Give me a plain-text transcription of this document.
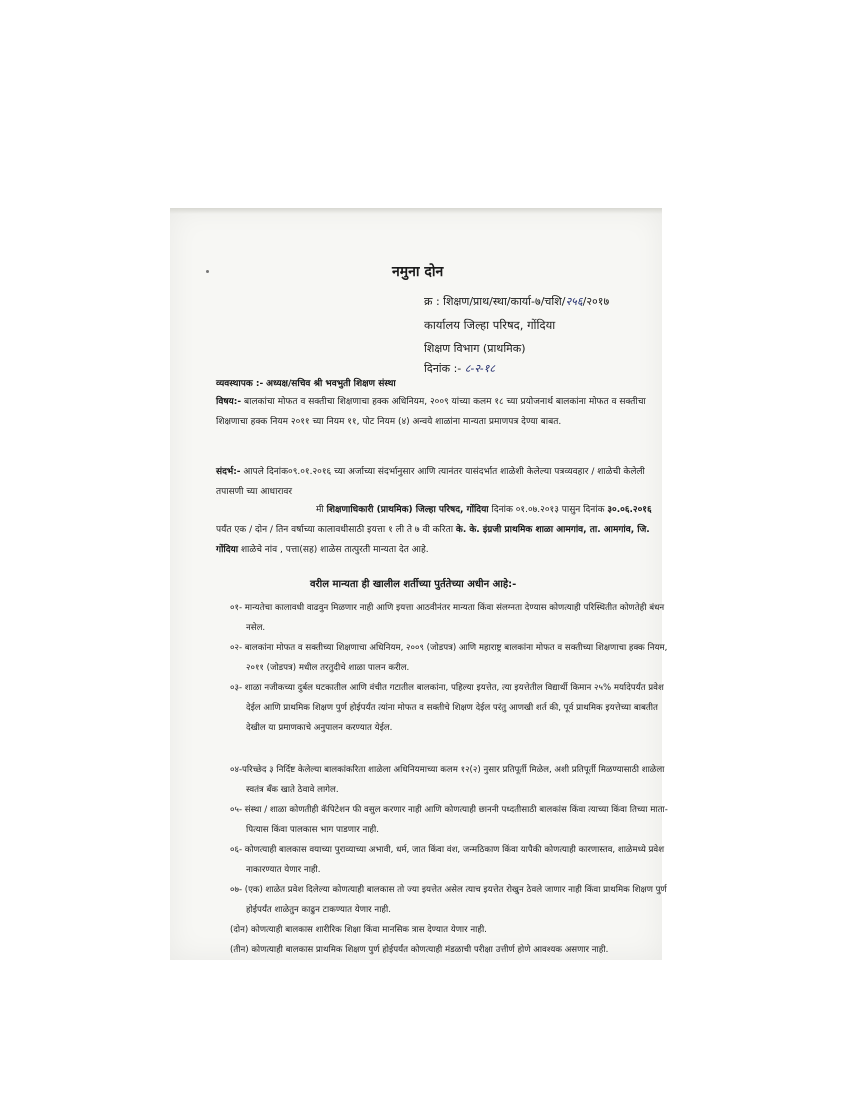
नमुना दोन
क्र : शिक्षण/प्राथ/स्था/कार्या-७/चशि/२५६/२०१७
कार्यालय जिल्हा परिषद, गोंदिया
शिक्षण विभाग (प्राथमिक)
दिनांक :- ८-२-१८
व्यवस्थापक :- अध्यक्ष/सचिव श्री भवभुती शिक्षण संस्था
विषय:- बालकांचा मोफत व सक्तीचा शिक्षणाचा हक्क अधिनियम, २००९ यांच्या कलम १८ च्या प्रयोजनार्थ बालकांना मोफत व सक्तीचा शिक्षणाचा हक्क नियम २०११ च्या नियम ११, पोट नियम (४) अन्वये शाळांना मान्यता प्रमाणपत्र देण्या बाबत.
संदर्भ:- आपले दिनांक०९.०१.२०१६ च्या अर्जाच्या संदर्भानुसार आणि त्यानंतर यासंदर्भात शाळेशी केलेल्या पत्रव्यवहार / शाळेची केलेली तपासणी च्या आधारावर
मी शिक्षणाधिकारी (प्राथमिक) जिल्हा परिषद, गोंदिया दिनांक ०१.०७.२०१३ पासुन दिनांक ३०.०६.२०१६ पर्यंत एक / दोन / तिन वर्षाच्या कालावधीसाठी इयत्ता १ ली ते ७ वी करिता के. के. इंग्रजी प्राथमिक शाळा आमगांव, ता. आमगांव, जि. गोंदिया शाळेचे नांव , पत्ता(सह) शाळेस तात्पुरती मान्यता देत आहे.
वरील मान्यता ही खालील शर्तीच्या पुर्ततेच्या अधीन आहे:-
०१- मान्यतेचा कालावधी वाढवुन मिळणार नाही आणि इयत्ता आठवीनंतर मान्यता किंवा संलग्नता देण्यास कोणत्याही परिस्थितीत कोणतेही बंधन नसेल.
०२- बालकांना मोफत व सक्तीच्या शिक्षणाचा अधिनियम, २००९ (जोडपत्र) आणि महाराष्ट्र बालकांना मोफत व सक्तीच्या शिक्षणाचा हक्क नियम, २०११ (जोडपत्र) मधील तरतुदीचे शाळा पालन करील.
०३- शाळा नजीकच्या दुर्बल घटकातील आणि वंचीत गटातील बालकांना, पहिल्या इयत्तेत, त्या इयत्तेतील विद्यार्थी किमान २५% मर्यादेपर्यंत प्रवेश देईल आणि प्राथमिक शिक्षण पुर्ण होईपर्यंत त्यांना मोफत व सक्तीचे शिक्षण देईल परंतु आणखी शर्त की, पूर्व प्राथमिक इयत्तेच्या बाबतीत देखील या प्रमाणकाचे अनुपालन करण्यात येईल.
०४-परिच्छेद ३ निर्दिष्ट केलेल्या बालकांकरिता शाळेला अधिनियमाच्या कलम १२(२) नुसार प्रतिपूर्ती मिळेल, अशी प्रतिपूर्ती मिळण्यासाठी शाळेला स्वतंत्र बँक खाते ठेवावे लागेल.
०५- संस्था / शाळा कोणतीही कॅपिटेशन फी वसुल करणार नाही आणि कोणत्याही छाननी पध्दतीसाठी बालकांस किंवा त्याच्या किंवा तिच्या माता-पित्यास किंवा पालकास भाग पाडणार नाही.
०६- कोणत्याही बालकास वयाच्या पुराव्याच्या अभावी, धर्म, जात किंवा वंश, जन्मठिकाण किंवा यापैकी कोणत्याही कारणास्तव, शाळेमध्ये प्रवेश नाकारण्यात येणार नाही.
०७- (एक) शाळेत प्रवेश दिलेल्या कोणत्याही बालकास तो ज्या इयत्तेत असेल त्याच इयत्तेत रोखुन ठेवले जाणार नाही किंवा प्राथमिक शिक्षण पुर्ण होईपर्यंत शाळेतुन काढुन टाकण्यात येणार नाही.
(दोन) कोणत्याही बालकास शारीरिक शिक्षा किंवा मानसिक त्रास देण्यात येणार नाही.
(तीन) कोणत्याही बालकास प्राथमिक शिक्षण पुर्ण होईपर्यंत कोणत्याही मंडळाची परीक्षा उत्तीर्ण होणे आवश्यक असणार नाही.
